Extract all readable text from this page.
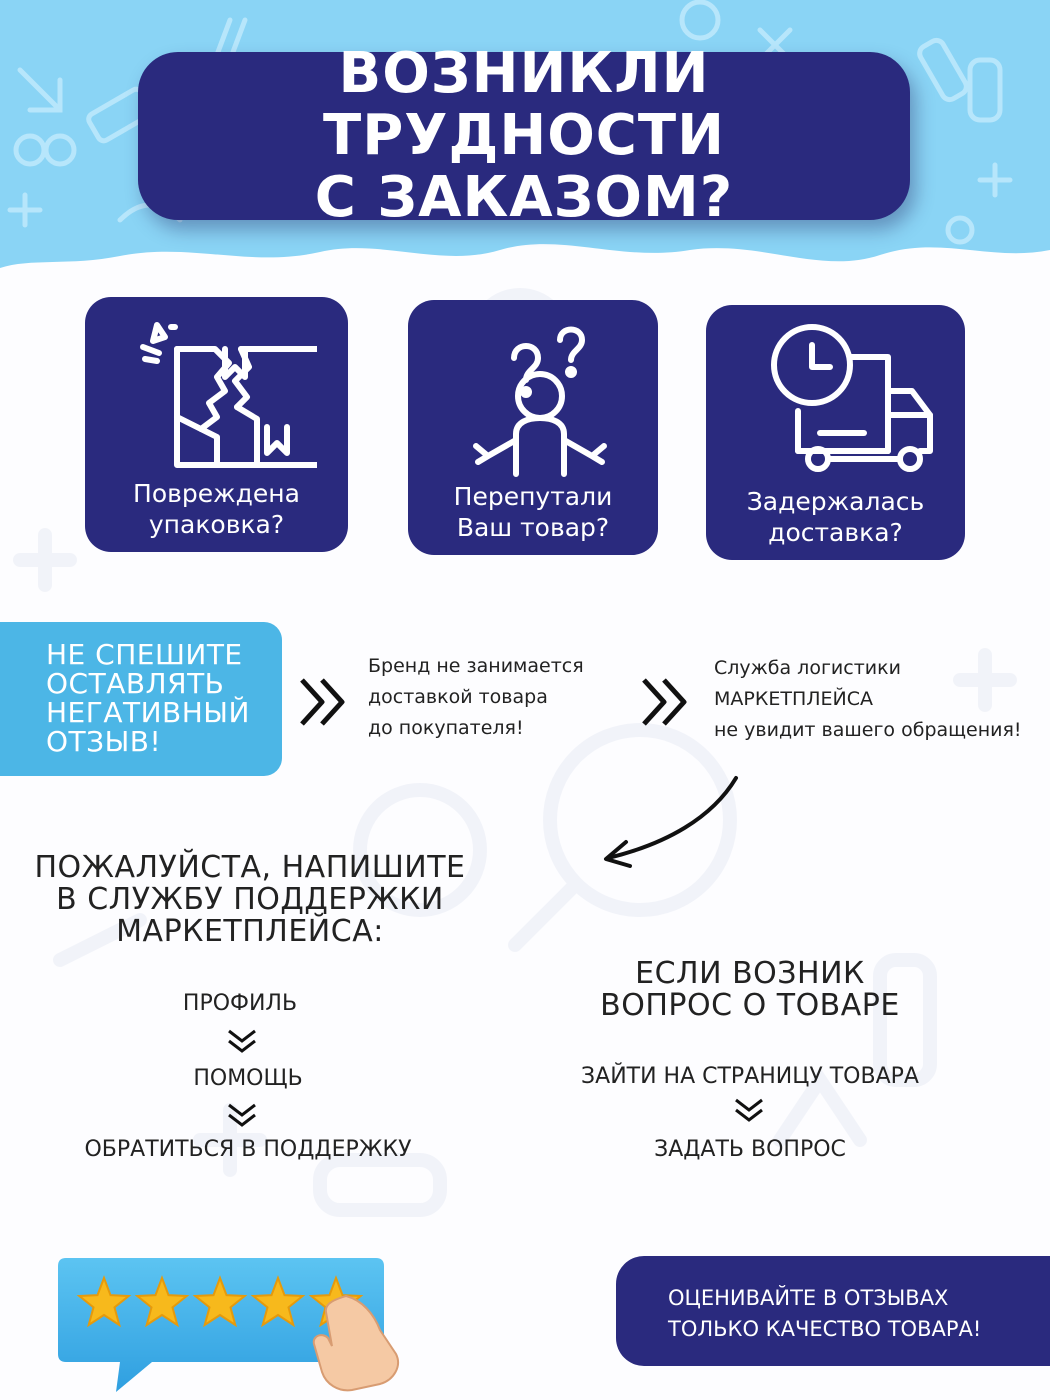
ВОЗНИКЛИ ТРУДНОСТИ
С ЗАКАЗОМ?
Повреждена
упаковка?
Перепутали
Ваш товар?
Задержалась
доставка?
НЕ СПЕШИТЕ
ОСТАВЛЯТЬ
НЕГАТИВНЫЙ
ОТЗЫВ!
Бренд не занимается
доставкой товара
до покупателя!
Служба логистики
МАРКЕТПЛЕЙСА
не увидит вашего обращения!
ПОЖАЛУЙСТА, НАПИШИТЕ
В СЛУЖБУ ПОДДЕРЖКИ
МАРКЕТПЛЕЙСА:
ПРОФИЛЬ
ПОМОЩЬ
ОБРАТИТЬСЯ В ПОДДЕРЖКУ
ЕСЛИ ВОЗНИК
ВОПРОС О ТОВАРЕ
ЗАЙТИ НА СТРАНИЦУ ТОВАРА
ЗАДАТЬ ВОПРОС
ОЦЕНИВАЙТЕ В ОТЗЫВАХ
ТОЛЬКО КАЧЕСТВО ТОВАРА!
